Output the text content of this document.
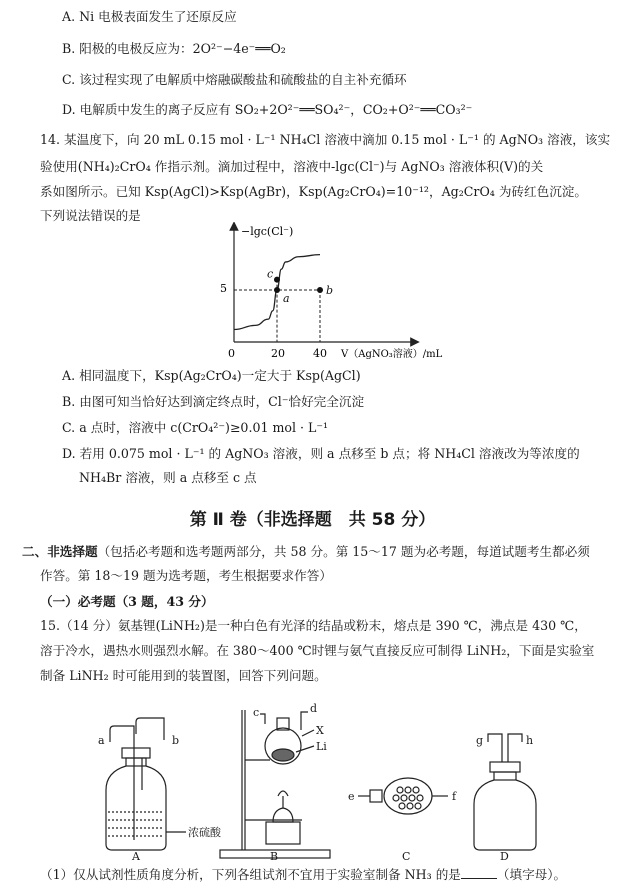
A. Ni 电极表面发生了还原反应
B. 阳极的电极反应为：2O²⁻−4e⁻══O₂
C. 该过程实现了电解质中熔融碳酸盐和硫酸盐的自主补充循环
D. 电解质中发生的离子反应有 SO₂+2O²⁻══SO₄²⁻，CO₂+O²⁻══CO₃²⁻
14. 某温度下，向 20 mL 0.15 mol · L⁻¹ NH₄Cl 溶液中滴加 0.15 mol · L⁻¹ 的 AgNO₃ 溶液，该实
验使用(NH₄)₂CrO₄ 作指示剂。滴加过程中，溶液中-lgc(Cl⁻)与 AgNO₃ 溶液体积(V)的关
系如图所示。已知 Ksp(AgCl)>Ksp(AgBr)，Ksp(Ag₂CrO₄)=10⁻¹²，Ag₂CrO₄ 为砖红色沉淀。
下列说法错误的是
−lgc(Cl⁻)
V（AgNO₃溶液）/mL
0	20	40
5
a
b
c
A. 相同温度下，Ksp(Ag₂CrO₄)一定大于 Ksp(AgCl)
B. 由图可知当恰好达到滴定终点时，Cl⁻恰好完全沉淀
C. a 点时，溶液中 c(CrO₄²⁻)≥0.01 mol · L⁻¹
D. 若用 0.075 mol · L⁻¹ 的 AgNO₃ 溶液，则 a 点移至 b 点；将 NH₄Cl 溶液改为等浓度的
NH₄Br 溶液，则 a 点移至 c 点
第 Ⅱ 卷（非选择题　共 58 分）
二、非选择题（包括必考题和选考题两部分，共 58 分。第 15～17 题为必考题，每道试题考生都必须
作答。第 18～19 题为选考题，考生根据要求作答）
（一）必考题（3 题，43 分）
15.（14 分）氨基锂(LiNH₂)是一种白色有光泽的结晶或粉末，熔点是 390 ℃，沸点是 430 ℃，
溶于冷水，遇热水则强烈水解。在 380～400 ℃时锂与氨气直接反应可制得 LiNH₂，下面是实验室
制备 LiNH₂ 时可能用到的装置图，回答下列问题。
A
a	b
浓硫酸
B
c	d
X
Li
C
e	f
D
g	h
（1）仅从试剂性质角度分析，下列各组试剂不宜用于实验室制备 NH₃ 的是	（填字母）。
